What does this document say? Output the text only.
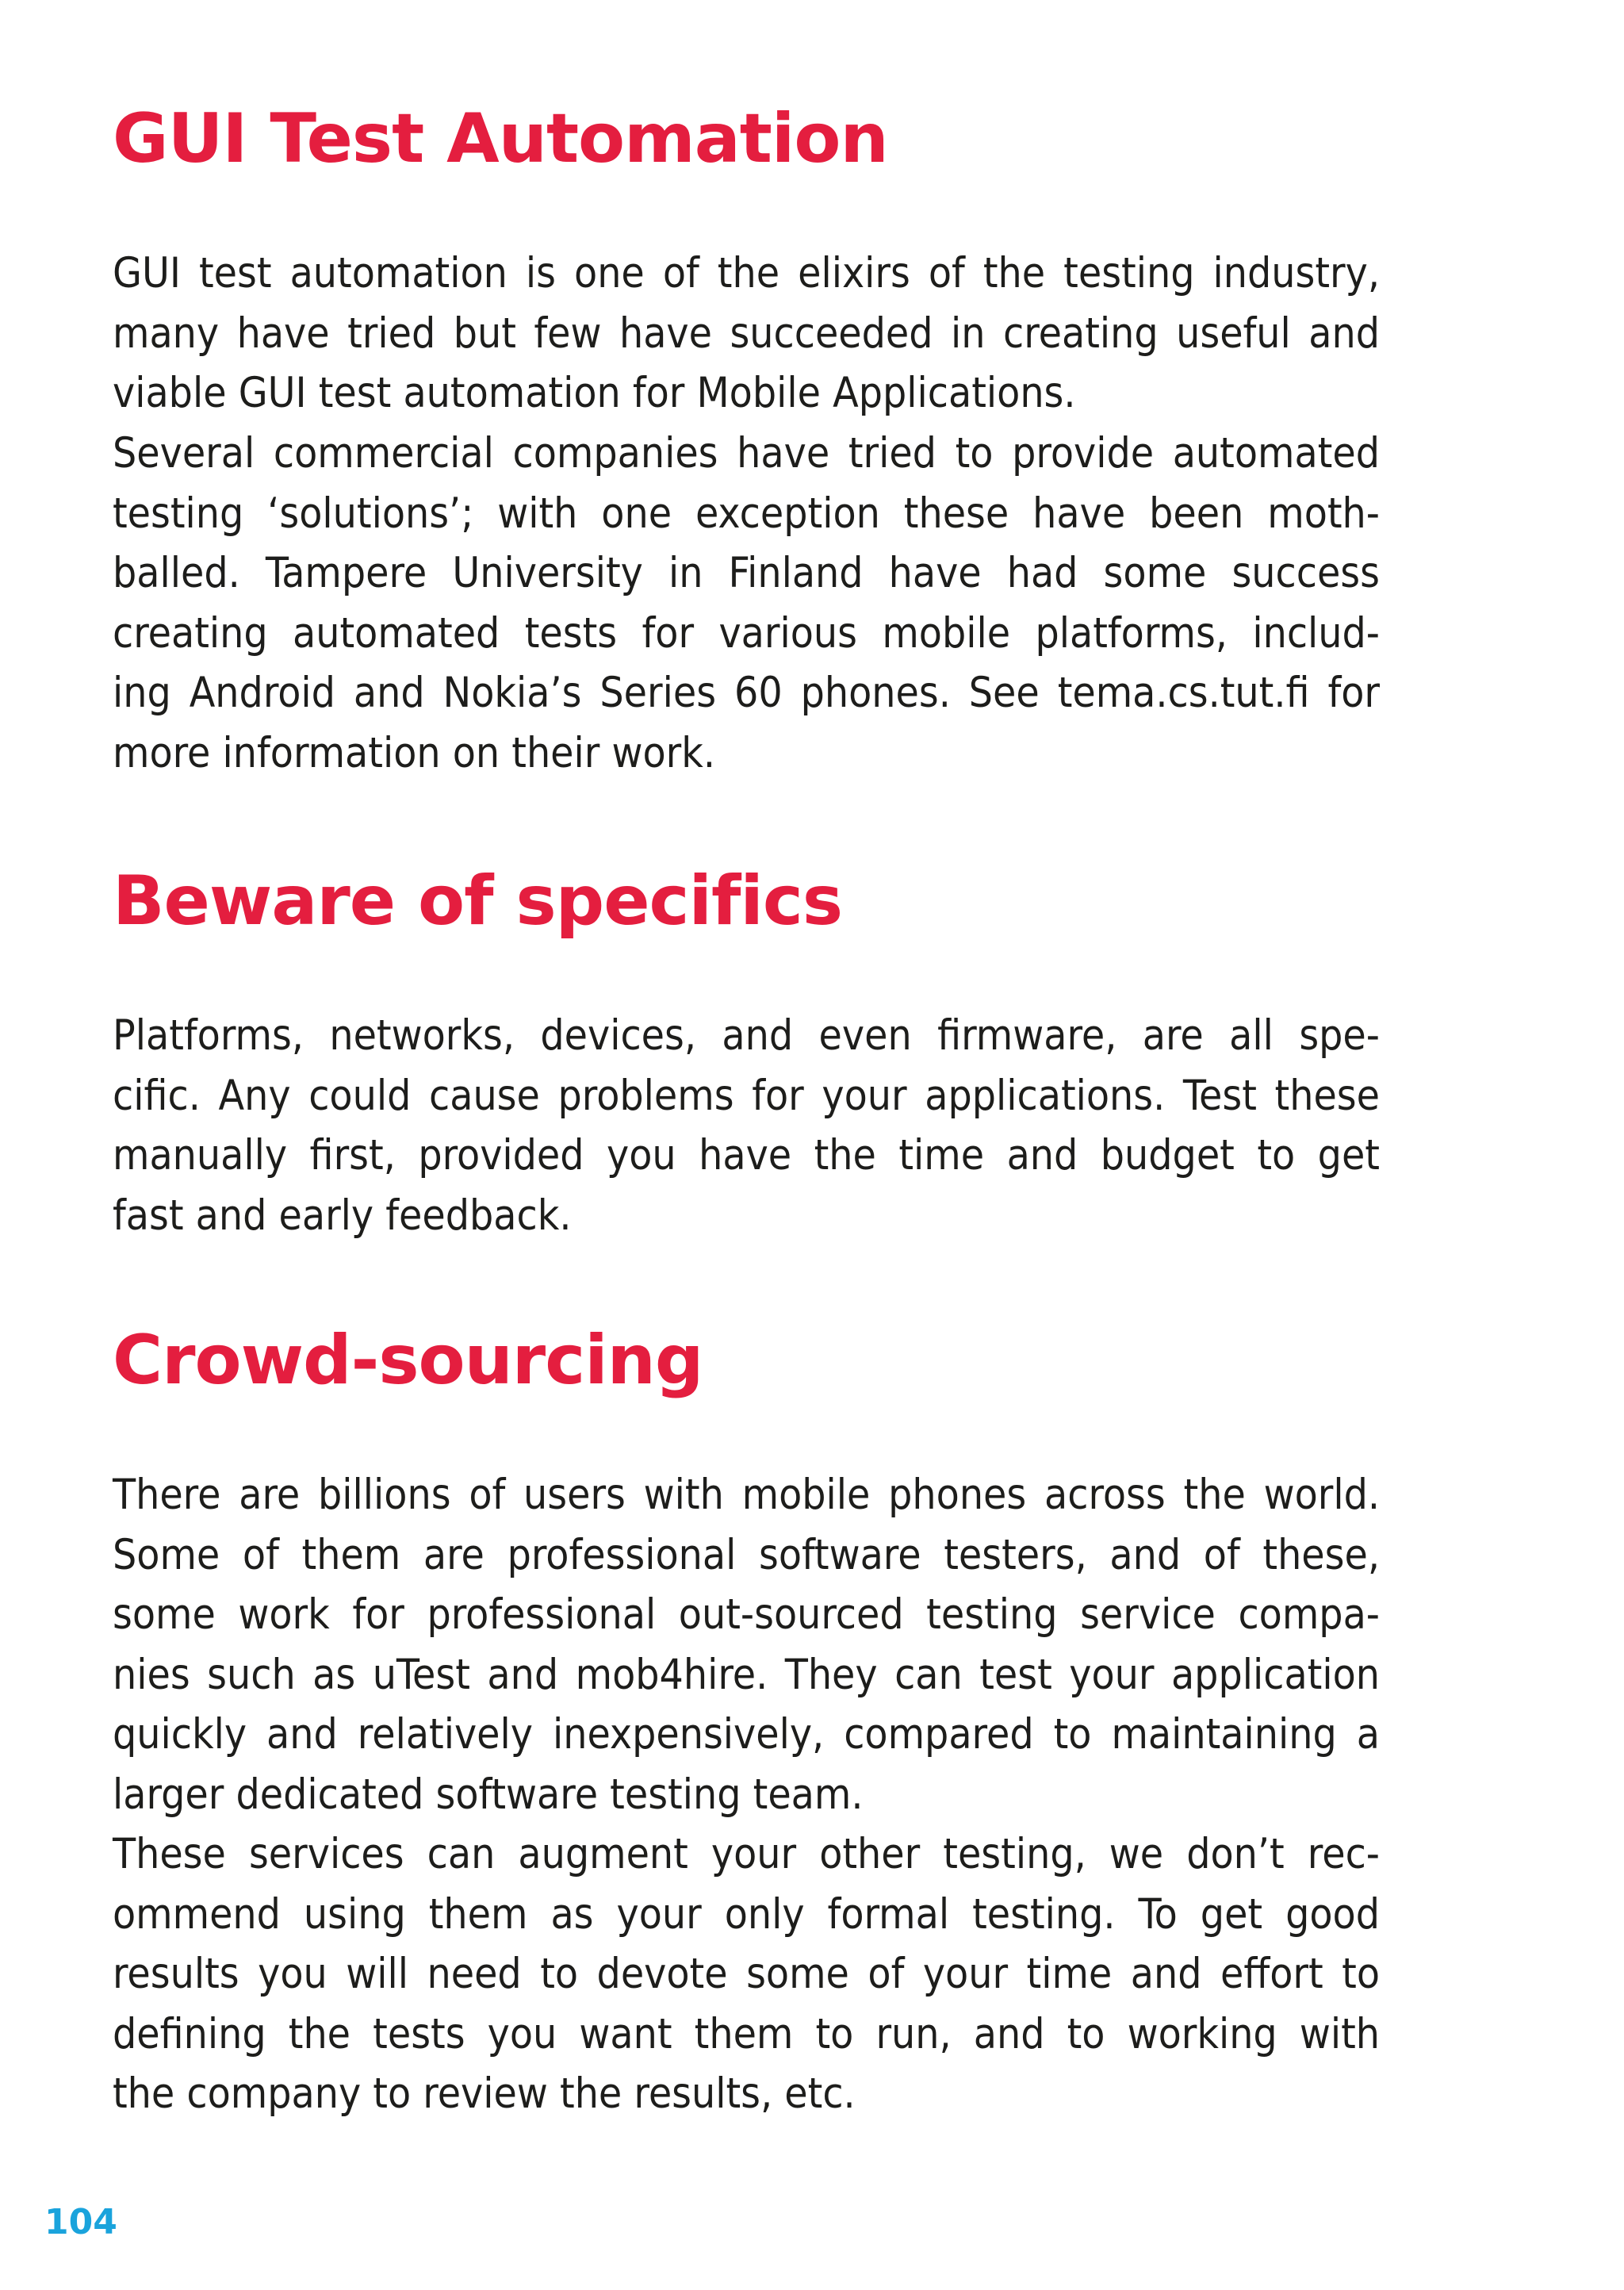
GUI Test Automation

GUI test automation is one of the elixirs of the testing industry,
many have tried but few have succeeded in creating useful and
viable GUI test automation for Mobile Applications.

Several commercial companies have tried to provide automated
testing ‘solutions’; with one exception these have been moth-
balled. Tampere University in Finland have had some success
creating automated tests for various mobile platforms, includ-
ing Android and Nokia’s Series 60 phones. See tema.cs.tut.fi for
more information on their work.

Beware of specifics

Platforms, networks, devices, and even firmware, are all spe-
cific. Any could cause problems for your applications. Test these
manually first, provided you have the time and budget to get
fast and early feedback.

Crowd-sourcing

There are billions of users with mobile phones across the world.
Some of them are professional software testers, and of these,
some work for professional out-sourced testing service compa-
nies such as uTest and mob4hire. They can test your application
quickly and relatively inexpensively, compared to maintaining a
larger dedicated software testing team.

These services can augment your other testing, we don’t rec-
ommend using them as your only formal testing. To get good
results you will need to devote some of your time and effort to
defining the tests you want them to run, and to working with
the company to review the results, etc.

104
